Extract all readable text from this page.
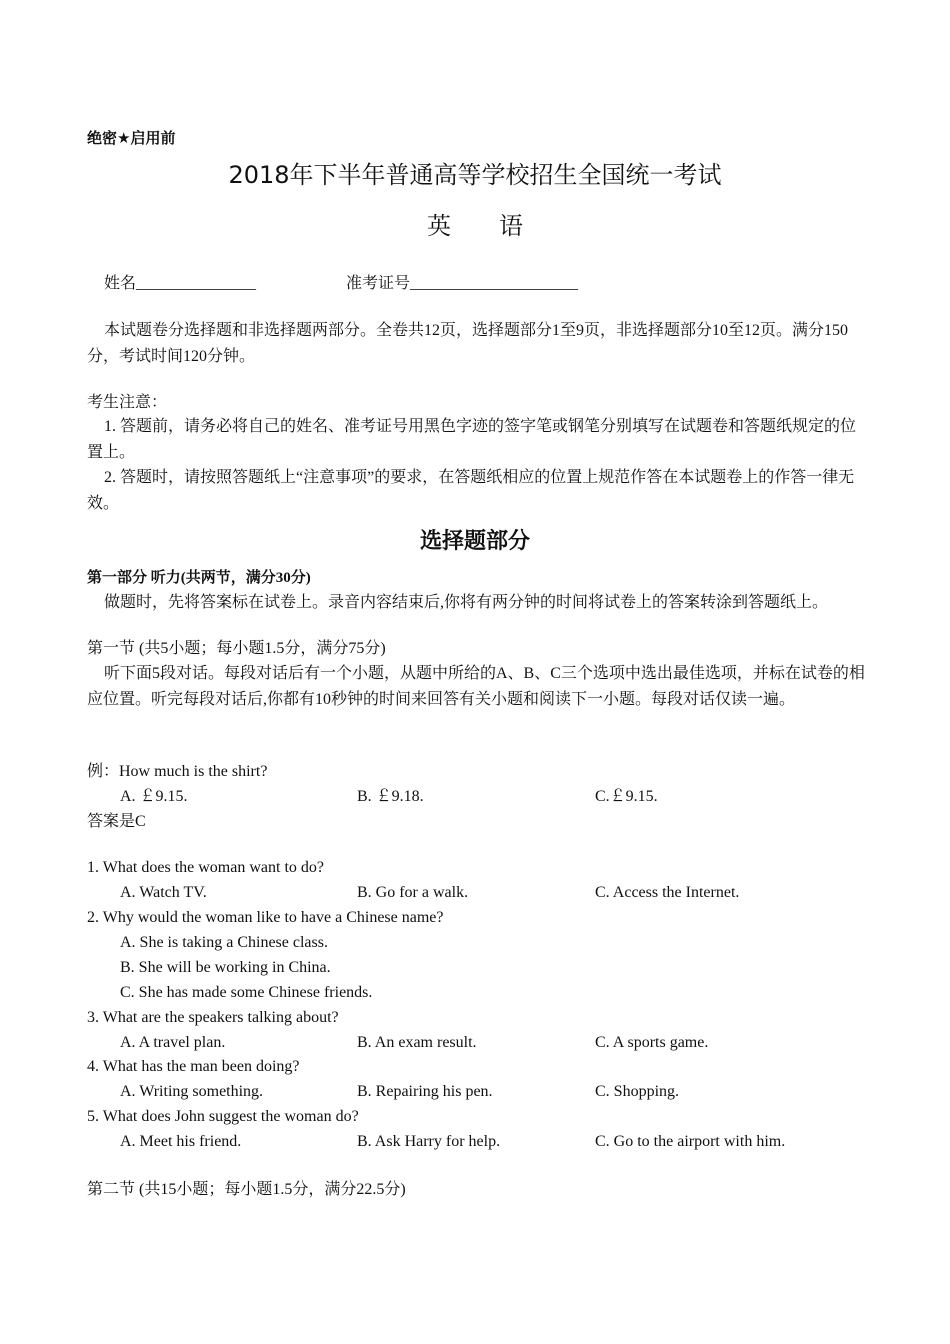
绝密★启用前
2018年下半年普通高等学校招生全国统一考试
英　　语
姓名_______________	准考证号_____________________
本试题卷分选择题和非选择题两部分。全卷共12页，选择题部分1至9页，非选择题部分10至12页。满分150分，考试时间120分钟。
考生注意：
1. 答题前，请务必将自己的姓名、准考证号用黑色字迹的签字笔或钢笔分别填写在试题卷和答题纸规定的位置上。
2. 答题时，请按照答题纸上“注意事项”的要求，在答题纸相应的位置上规范作答在本试题卷上的作答一律无效。
选择题部分
第一部分 听力(共两节，满分30分)
做题时，先将答案标在试卷上。录音内容结束后,你将有两分钟的时间将试卷上的答案转涂到答题纸上。
第一节 (共5小题；每小题1.5分，满分75分)
听下面5段对话。每段对话后有一个小题，从题中所给的A、B、C三个选项中选出最佳选项，并标在试卷的相应位置。听完每段对话后,你都有10秒钟的时间来回答有关小题和阅读下一小题。每段对话仅读一遍。
例：How much is the shirt?
A. ￡9.15.	B. ￡9.18.	C.￡9.15.
答案是C
1. What does the woman want to do?
A. Watch TV.	B. Go for a walk.	C. Access the Internet.
2. Why would the woman like to have a Chinese name?
A. She is taking a Chinese class.
B. She will be working in China.
C. She has made some Chinese friends.
3. What are the speakers talking about?
A. A travel plan.	B. An exam result.	C. A sports game.
4. What has the man been doing?
A. Writing something.	B. Repairing his pen.	C. Shopping.
5. What does John suggest the woman do?
A. Meet his friend.	B. Ask Harry for help.	C. Go to the airport with him.
第二节 (共15小题；每小题1.5分，满分22.5分)
